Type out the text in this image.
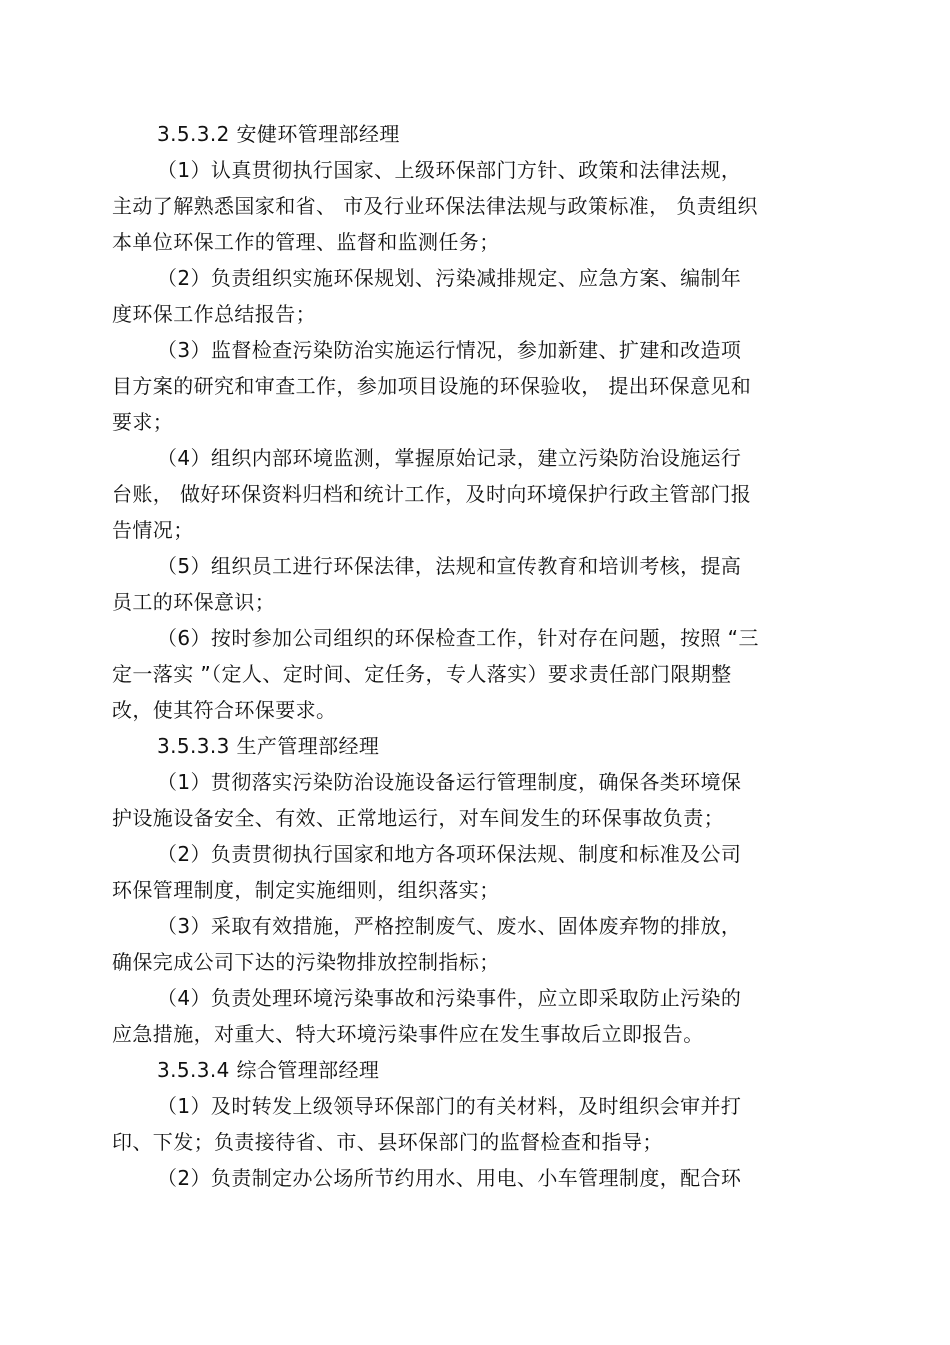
3.5.3.2 安健环管理部经理
（1）认真贯彻执行国家、上级环保部门方针、政策和法律法规，
主动了解熟悉国家和省、 市及行业环保法律法规与政策标准， 负责组织
本单位环保工作的管理、监督和监测任务；
（2）负责组织实施环保规划、污染减排规定、应急方案、编制年
度环保工作总结报告；
（3）监督检查污染防治实施运行情况，参加新建、扩建和改造项
目方案的研究和审查工作，参加项目设施的环保验收， 提出环保意见和
要求；
（4）组织内部环境监测，掌握原始记录，建立污染防治设施运行
台账， 做好环保资料归档和统计工作，及时向环境保护行政主管部门报
告情况；
（5）组织员工进行环保法律，法规和宣传教育和培训考核，提高
员工的环保意识；
（6）按时参加公司组织的环保检查工作，针对存在问题，按照 “三
定一落实 ”（定人、定时间、定任务，专人落实）要求责任部门限期整
改，使其符合环保要求。
3.5.3.3 生产管理部经理
（1）贯彻落实污染防治设施设备运行管理制度，确保各类环境保
护设施设备安全、有效、正常地运行，对车间发生的环保事故负责；
（2）负责贯彻执行国家和地方各项环保法规、制度和标准及公司
环保管理制度，制定实施细则，组织落实；
（3）采取有效措施，严格控制废气、废水、固体废弃物的排放，
确保完成公司下达的污染物排放控制指标；
（4）负责处理环境污染事故和污染事件，应立即采取防止污染的
应急措施，对重大、特大环境污染事件应在发生事故后立即报告。
3.5.3.4 综合管理部经理
（1）及时转发上级领导环保部门的有关材料，及时组织会审并打
印、下发；负责接待省、市、县环保部门的监督检查和指导；
（2）负责制定办公场所节约用水、用电、小车管理制度，配合环
